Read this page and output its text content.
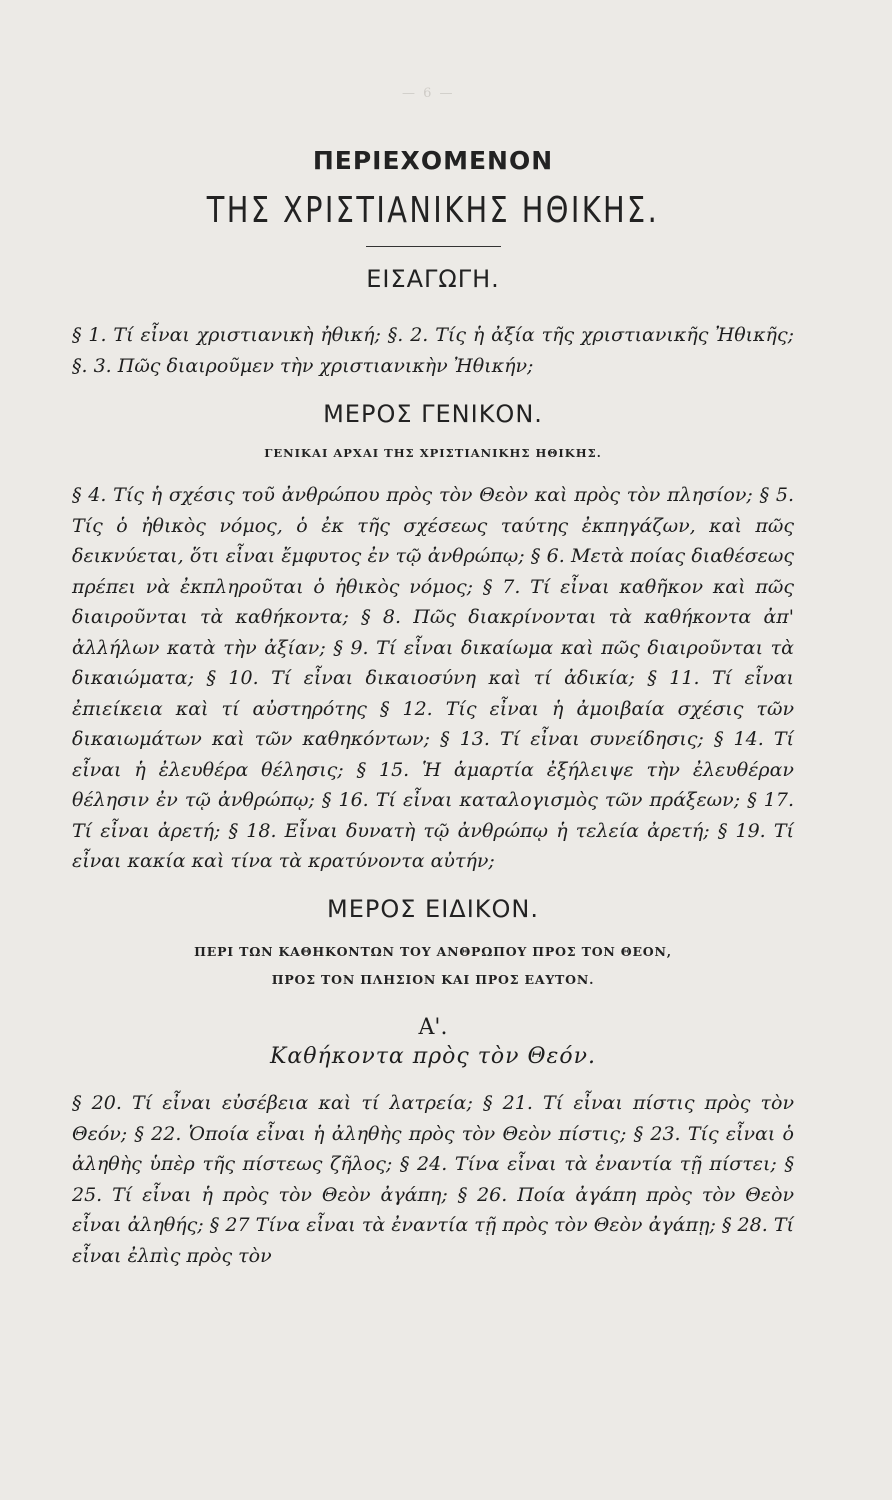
— 6 —
ΠΕΡΙΕΧΟΜΕΝΟΝ
ΤΗΣ ΧΡΙΣΤΙΑΝΙΚΗΣ ΗΘΙΚΗΣ.
ΕΙΣΑΓΩΓΗ.
§ 1. Τί εἶναι χριστιανικὴ ἠθική; §. 2. Τίς ἡ ἀξία τῆς χριστιανικῆς Ἠθικῆς; §. 3. Πῶς διαιροῦμεν τὴν χριστιανικὴν Ἠθικήν;
ΜΕΡΟΣ ΓΕΝΙΚΟΝ.
ΓΕΝΙΚΑΙ ΑΡΧΑΙ ΤΗΣ ΧΡΙΣΤΙΑΝΙΚΗΣ ΗΘΙΚΗΣ.
§ 4. Τίς ἡ σχέσις τοῦ ἀνθρώπου πρὸς τὸν Θεὸν καὶ πρὸς τὸν πλησίον; § 5. Τίς ὁ ἠθικὸς νόμος, ὁ ἐκ τῆς σχέσεως ταύτης ἐκπηγάζων, καὶ πῶς δεικνύεται, ὅτι εἶναι ἔμφυτος ἐν τῷ ἀνθρώπῳ; § 6. Μετὰ ποίας διαθέσεως πρέπει νὰ ἐκπληροῦται ὁ ἠθικὸς νόμος; § 7. Τί εἶναι καθῆκον καὶ πῶς διαιροῦνται τὰ καθήκοντα; § 8. Πῶς διακρίνονται τὰ καθήκοντα ἀπ' ἀλλήλων κατὰ τὴν ἀξίαν; § 9. Τί εἶναι δικαίωμα καὶ πῶς διαιροῦνται τὰ δικαιώματα; § 10. Τί εἶναι δικαιοσύνη καὶ τί ἀδικία; § 11. Τί εἶναι ἐπιείκεια καὶ τί αὐστηρότης § 12. Τίς εἶναι ἡ ἀμοιβαία σχέσις τῶν δικαιωμάτων καὶ τῶν καθηκόντων; § 13. Τί εἶναι συνείδησις; § 14. Τί εἶναι ἡ ἐλευθέρα θέλησις; § 15. Ἡ ἁμαρτία ἐξήλειψε τὴν ἐλευθέραν θέλησιν ἐν τῷ ἀνθρώπῳ; § 16. Τί εἶναι καταλογισμὸς τῶν πράξεων; § 17. Τί εἶναι ἀρετή; § 18. Εἶναι δυνατὴ τῷ ἀνθρώπῳ ἡ τελεία ἀρετή; § 19. Τί εἶναι κακία καὶ τίνα τὰ κρατύνοντα αὐτήν;
ΜΕΡΟΣ ΕΙΔΙΚΟΝ.
ΠΕΡΙ ΤΩΝ ΚΑΘΗΚΟΝΤΩΝ ΤΟΥ ΑΝΘΡΩΠΟΥ ΠΡΟΣ ΤΟΝ ΘΕΟΝ,
ΠΡΟΣ ΤΟΝ ΠΛΗΣΙΟΝ ΚΑΙ ΠΡΟΣ ΕΑΥΤΟΝ.
Α'.
Καθήκοντα πρὸς τὸν Θεόν.
§ 20. Τί εἶναι εὐσέβεια καὶ τί λατρεία; § 21. Τί εἶναι πίστις πρὸς τὸν Θεόν; § 22. Ὁποία εἶναι ἡ ἀληθὴς πρὸς τὸν Θεὸν πίστις; § 23. Τίς εἶναι ὁ ἀληθὴς ὑπὲρ τῆς πίστεως ζῆλος; § 24. Τίνα εἶναι τὰ ἐναντία τῇ πίστει; § 25. Τί εἶναι ἡ πρὸς τὸν Θεὸν ἀγάπη; § 26. Ποία ἀγάπη πρὸς τὸν Θεὸν εἶναι ἀληθής; § 27 Τίνα εἶναι τὰ ἐναντία τῇ πρὸς τὸν Θεὸν ἀγάπῃ; § 28. Τί εἶναι ἐλπὶς πρὸς τὸν
